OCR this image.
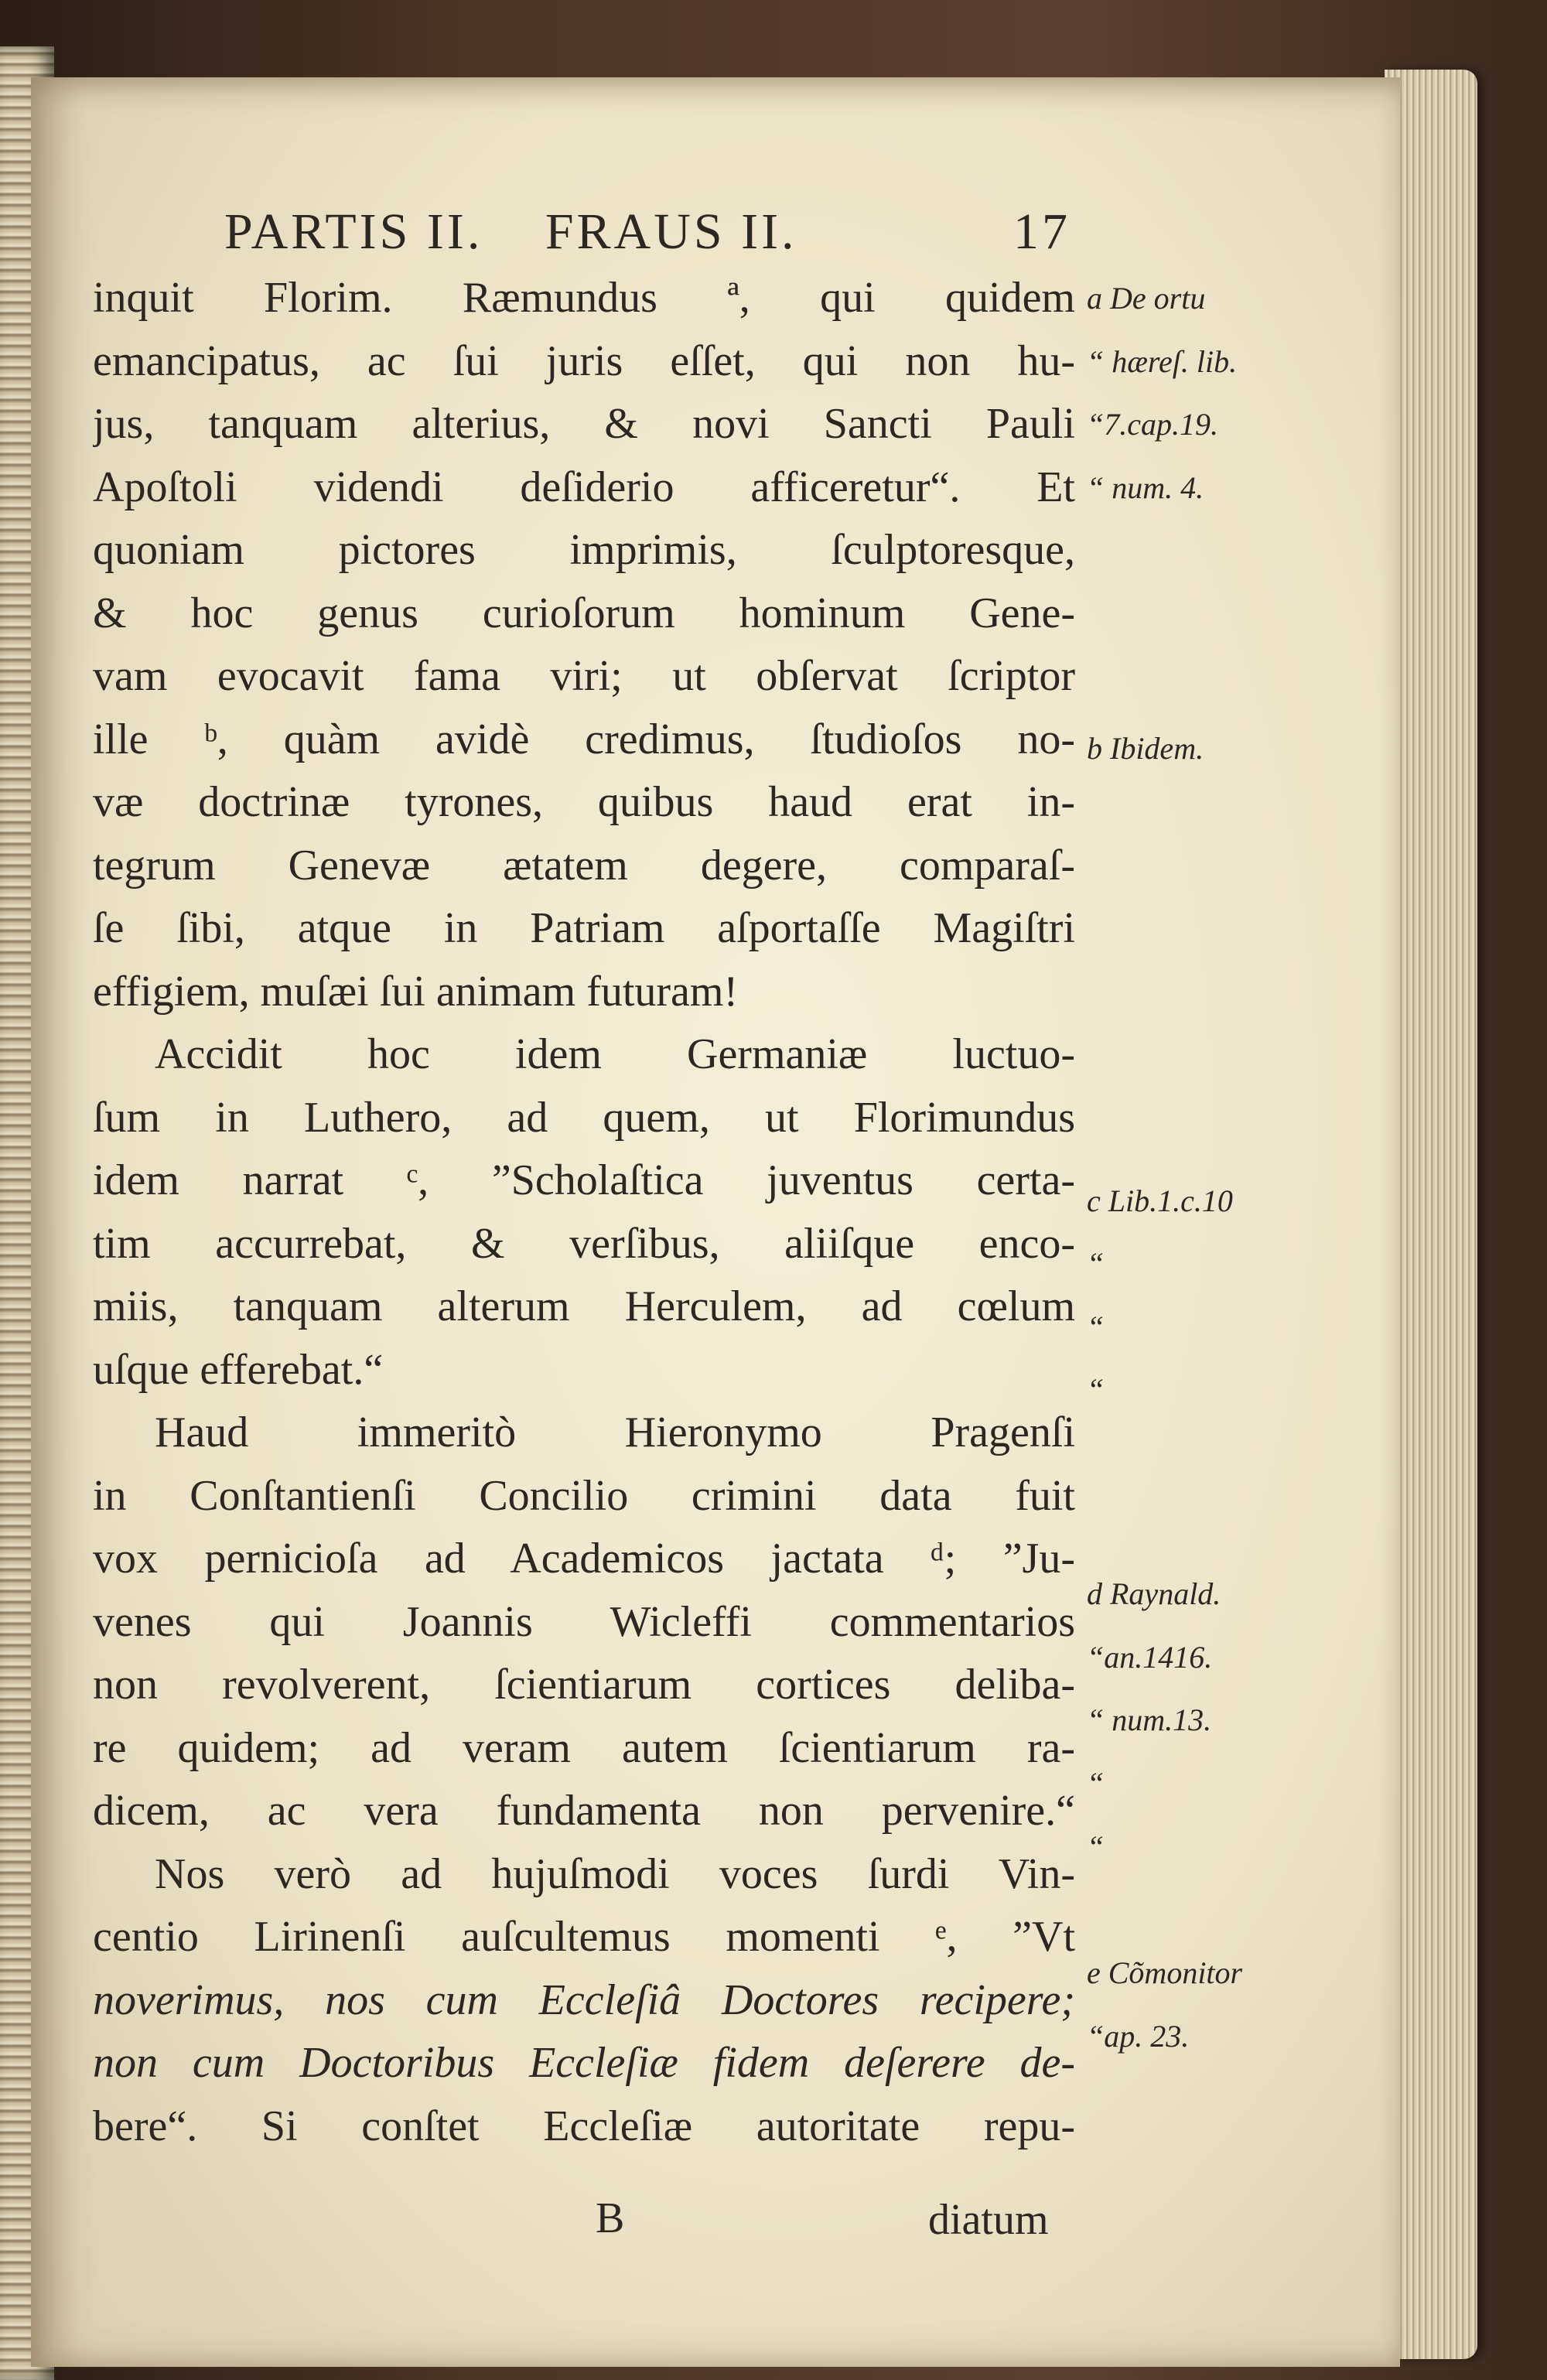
PARTIS II. FRAUS II.	17
inquit Florim. Ræmundus ª, qui quidem
emancipatus, ac ſui juris eſſet, qui non hu-
jus, tanquam alterius, & novi Sancti Pauli
Apoſtoli videndi deſiderio afficeretur“. Et
quoniam pictores imprimis, ſculptoresque,
& hoc genus curioſorum hominum Gene-
vam evocavit fama viri; ut obſervat ſcriptor
ille ᵇ, quàm avidè credimus, ſtudioſos no-
væ doctrinæ tyrones, quibus haud erat in-
tegrum Genevæ ætatem degere, comparaſ-
ſe ſibi, atque in Patriam aſportaſſe Magiſtri
effigiem, muſæi ſui animam futuram!
Accidit hoc idem Germaniæ luctuo-
ſum in Luthero, ad quem, ut Florimundus
idem narrat ᶜ, ”Scholaſtica juventus certa-
tim accurrebat, & verſibus, aliiſque enco-
miis, tanquam alterum Herculem, ad cœlum
uſque efferebat.“
Haud immeritò Hieronymo Pragenſi
in Conſtantienſi Concilio crimini data fuit
vox pernicioſa ad Academicos jactata ᵈ; ”Ju-
venes qui Joannis Wicleffi commentarios
non revolverent, ſcientiarum cortices deliba-
re quidem; ad veram autem ſcientiarum ra-
dicem, ac vera fundamenta non pervenire.“
Nos verò ad hujuſmodi voces ſurdi Vin-
centio Lirinenſi auſcultemus momenti ᵉ, ”Vt
noverimus, nos cum Eccleſiâ Doctores recipere;
non cum Doctoribus Eccleſiæ fidem deſerere de-
bere“. Si conſtet Eccleſiæ autoritate repu-
B	diatum
a De ortu
“ hæreſ. lib.
“7.cap.19.
“ num. 4.
b Ibidem.
c Lib.1.c.10
“
“
“
d Raynald.
“an.1416.
“ num.13.
“
“
e Cõmonitor
“ap. 23.
